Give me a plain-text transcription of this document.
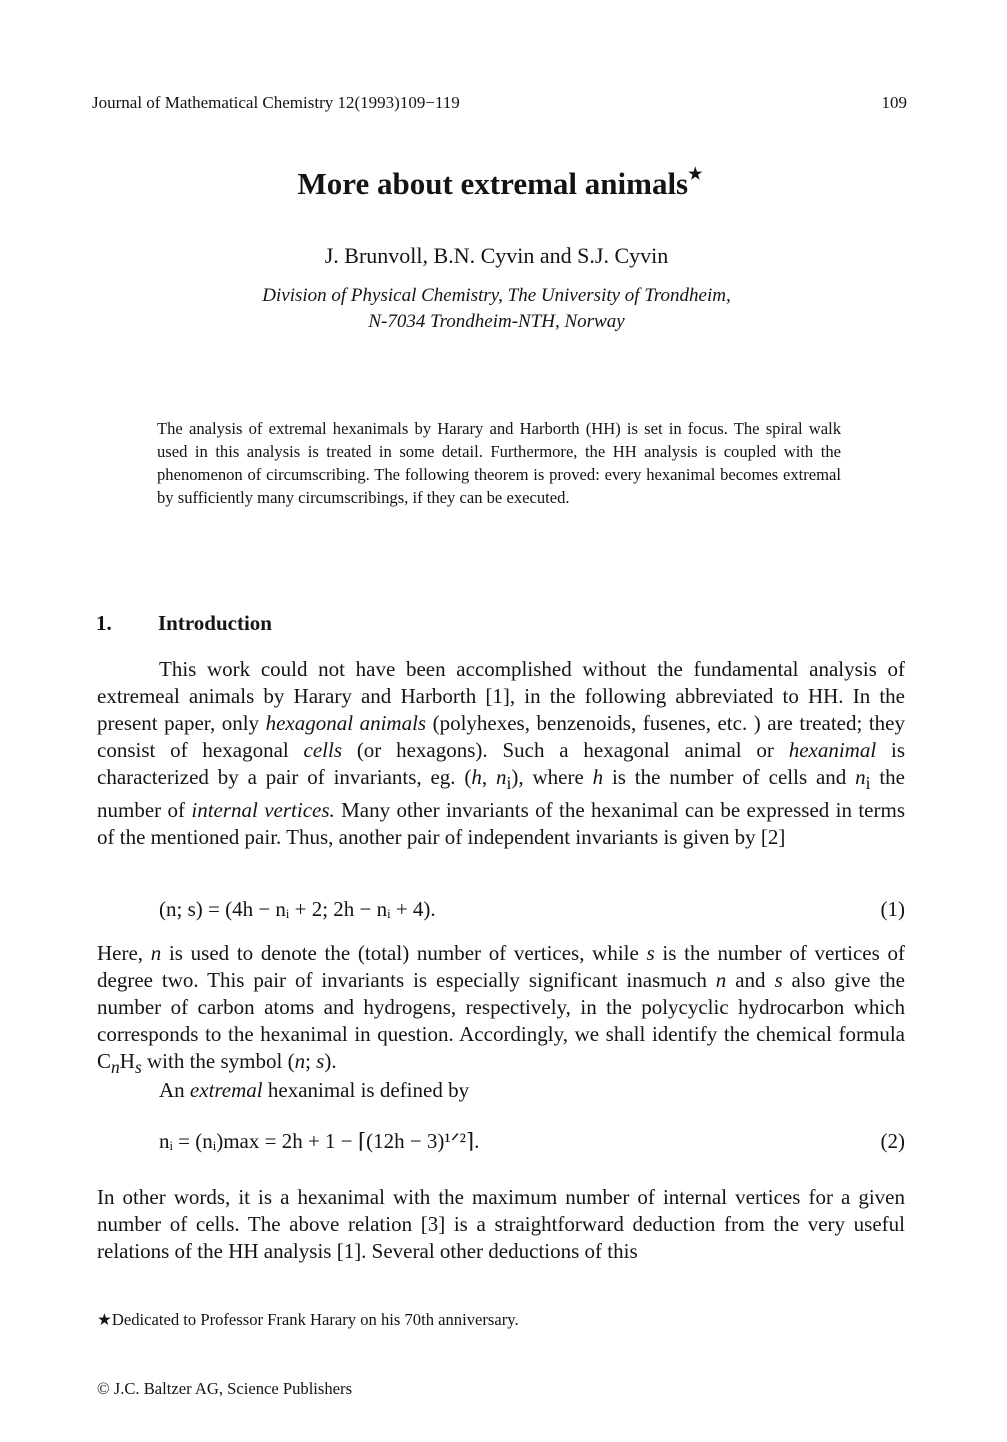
Journal of Mathematical Chemistry 12(1993)109−119	109
More about extremal animals★
J. Brunvoll, B.N. Cyvin and S.J. Cyvin
Division of Physical Chemistry, The University of Trondheim,
N-7034 Trondheim-NTH, Norway

The analysis of extremal hexanimals by Harary and Harborth (HH) is set in focus. The spiral walk used in this analysis is treated in some detail. Furthermore, the HH analysis is coupled with the phenomenon of circumscribing. The following theorem is proved: every hexanimal becomes extremal by sufficiently many circumscribings, if they can be executed.

1. Introduction

This work could not have been accomplished without the fundamental analysis of extremeal animals by Harary and Harborth [1], in the following abbreviated to HH. In the present paper, only hexagonal animals (polyhexes, benzenoids, fusenes, etc. ) are treated; they consist of hexagonal cells (or hexagons). Such a hexagonal animal or hexanimal is characterized by a pair of invariants, eg. (h, $n_i$), where h is the number of cells and $n_i$ the number of internal vertices. Many other invariants of the hexanimal can be expressed in terms of the mentioned pair. Thus, another pair of independent invariants is given by [2]

(n; s) = (4h − nᵢ + 2; 2h − nᵢ + 4).	(1)

Here, n is used to denote the (total) number of vertices, while s is the number of vertices of degree two. This pair of invariants is especially significant inasmuch n and s also give the number of carbon atoms and hydrogens, respectively, in the polycyclic hydrocarbon which corresponds to the hexanimal in question. Accordingly, we shall identify the chemical formula $C_nH_s$ with the symbol (n; s).

An extremal hexanimal is defined by

nᵢ = (nᵢ)max = 2h + 1 − ⌈(12h − 3)¹ᐟ²⌉.	(2)

In other words, it is a hexanimal with the maximum number of internal vertices for a given number of cells. The above relation [3] is a straightforward deduction from the very useful relations of the HH analysis [1]. Several other deductions of this

★Dedicated to Professor Frank Harary on his 70th anniversary.
© J.C. Baltzer AG, Science Publishers
